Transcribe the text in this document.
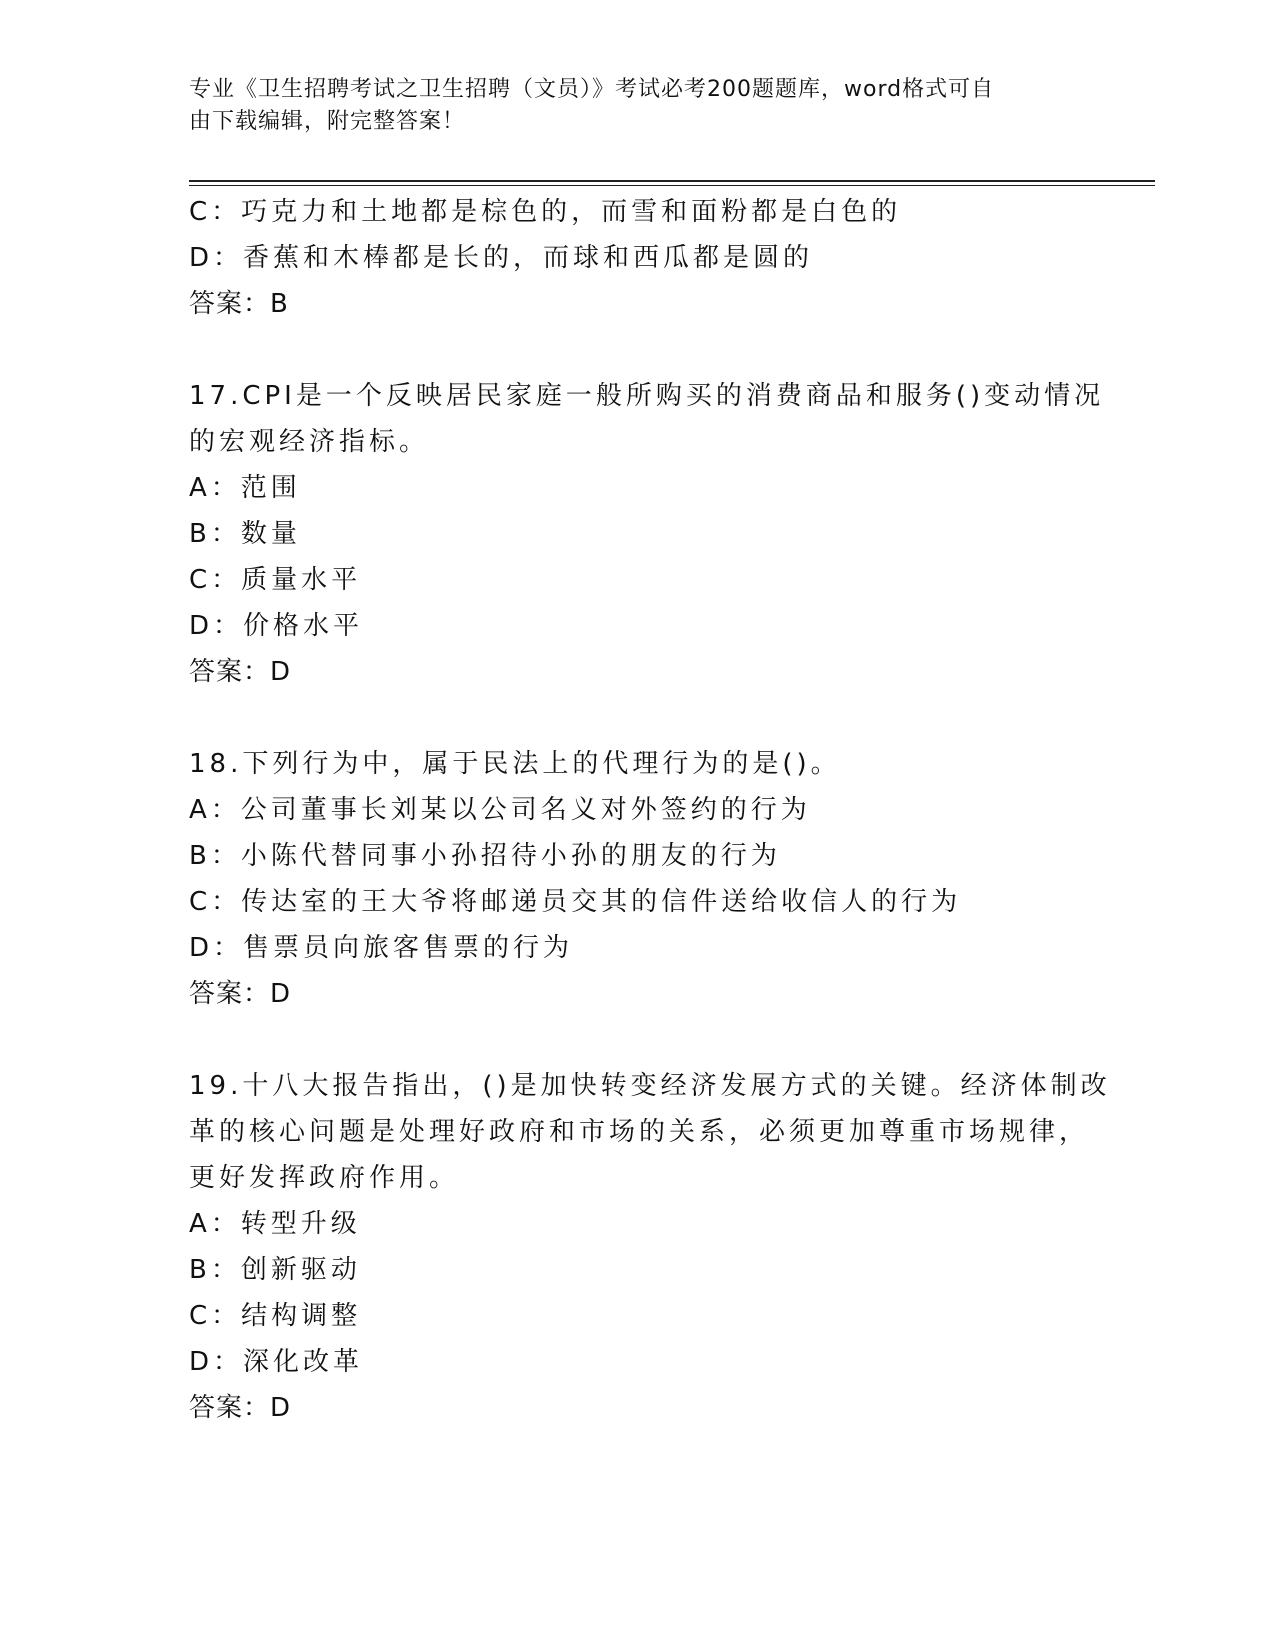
专业《卫生招聘考试之卫生招聘（文员）》考试必考200题题库，word格式可自
由下载编辑，附完整答案！
C：巧克力和土地都是棕色的，而雪和面粉都是白色的
D：香蕉和木棒都是长的，而球和西瓜都是圆的
答案：B
17.CPI是一个反映居民家庭一般所购买的消费商品和服务()变动情况
的宏观经济指标。
A：范围
B：数量
C：质量水平
D：价格水平
答案：D
18.下列行为中，属于民法上的代理行为的是()。
A：公司董事长刘某以公司名义对外签约的行为
B：小陈代替同事小孙招待小孙的朋友的行为
C：传达室的王大爷将邮递员交其的信件送给收信人的行为
D：售票员向旅客售票的行为
答案：D
19.十八大报告指出，()是加快转变经济发展方式的关键。经济体制改
革的核心问题是处理好政府和市场的关系，必须更加尊重市场规律，
更好发挥政府作用。
A：转型升级
B：创新驱动
C：结构调整
D：深化改革
答案：D
